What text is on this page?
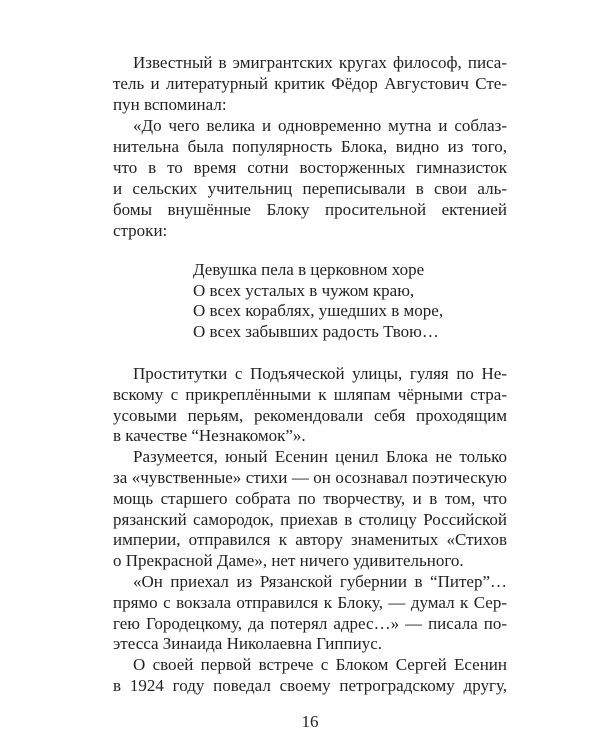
Известный в эмигрантских кругах философ, писа-
тель и литературный критик Фёдор Августович Сте-
пун вспоминал:
«До чего велика и одновременно мутна и соблаз-
нительна была популярность Блока, видно из того,
что в то время сотни восторженных гимназисток
и сельских учительниц переписывали в свои аль-
бомы внушённые Блоку просительной ектенией
строки:
Девушка пела в церковном хоре
О всех усталых в чужом краю,
О всех кораблях, ушедших в море,
О всех забывших радость Твою…
Проститутки с Подъяческой улицы, гуляя по Не-
вскому с прикреплёнными к шляпам чёрными стра-
усовыми перьям, рекомендовали себя проходящим
в качестве “Незнакомок”».
Разумеется, юный Есенин ценил Блока не только
за «чувственные» стихи — он осознавал поэтическую
мощь старшего собрата по творчеству, и в том, что
рязанский самородок, приехав в столицу Российской
империи, отправился к автору знаменитых «Стихов
о Прекрасной Даме», нет ничего удивительного.
«Он приехал из Рязанской губернии в “Питер”…
прямо с вокзала отправился к Блоку, — думал к Сер-
гею Городецкому, да потерял адрес…» — писала по-
этесса Зинаида Николаевна Гиппиус.
О своей первой встрече с Блоком Сергей Есенин
в 1924 году поведал своему петроградскому другу,
16
